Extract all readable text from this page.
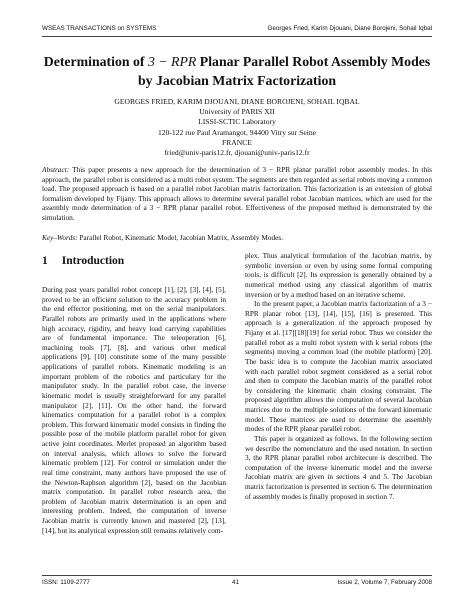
WSEAS TRANSACTIONS on SYSTEMS	Georges Fried, Karim Djouani, Diane Borojeni, Sohail Iqbal
Determination of 3 − RPR Planar Parallel Robot Assembly Modes
by Jacobian Matrix Factorization
GEORGES FRIED, KARIM DJOUANI, DIANE BOROJENI, SOHAIL IQBAL
University of PARIS XII
LISSI-SCTIC Laboratory
120-122 rue Paul Aramangot, 94400 Vitry sur Seine
FRANCE
fried@univ-paris12.fr, djouani@univ-paris12.fr
Abstract: This paper presents a new approach for the determination of 3 − RPR planar parallel robot assembly modes. In this approach, the parallel robot is considered as a multi robot system. The segments are then regarded as serial robots moving a common load. The proposed approach is based on a parallel robot Jacobian matrix factorization. This factorization is an extension of global formalism developed by Fijany. This approach allows to determine several parallel robot Jacobian matrices, which are used for the assembly mode determination of a 3 − RPR planar parallel robot. Effectiveness of the proposed method is demonstrated by the simulation.
Key–Words: Parallel Robot, Kinematic Model, Jacobian Matrix, Assembly Modes.
1 Introduction

During past years parallel robot concept [1], [2], [3], [4], [5], proved to be an efficient solution to the accuracy problem in the end effector positioning, met on the serial manipulators. Parallel robots are primarily used in the applications where high accuracy, rigidity, and heavy load carrying capabilities are of fundamental importance. The teleoperation [6], machining tools [7], [8], and various other medical applications [9], [10] constitute some of the many possible applications of parallel robots. Kinematic modeling is an important problem of the robotics and particulary for the manipulator study. In the parallel robot case, the inverse kinematic model is usually straightforward for any parallel manipulator [2], [11]. On the other hand, the forward kinematics computation for a parallel robot is a complex problem. This forward kinematic model consists in finding the possible pose of the mobile platform parallel robot for given active joint coordinates. Merlet proposed an algorithm based on interval analysis, which allows to solve the forward kinematic problem [12]. For control or simulation under the real time constraint, many authors have proposed the use of the Newton-Raphson algorithm [2], based on the Jacobian matrix computation. In parallel robot research area, the problem of Jacobian matrix determination is an open and interesting problem. Indeed, the computation of inverse Jacobian matrix is currently known and mastered [2], [13], [14], but its analytical expression still remains relatively com-

plex. Thus analytical formulation of the Jacobian matrix, by symbolic inversion or even by using some formal computing tools, is difficult [2]. Its expression is generally obtained by a numerical method using any classical algorithm of matrix inversion or by a method based on an iterative scheme.

In the present paper, a Jacobian matrix factorization of a 3 − RPR planar robot [13], [14], [15], [16] is presented. This approach is a generalization of the approach proposed by Fijany et al. [17][18][19] for serial robot. Thus we consider the parallel robot as a multi robot system with k serial robots (the segments) moving a common load (the mobile platform) [20]. The basic idea is to compute the Jacobian matrix associated with each parallel robot segment considered as a serial robot and then to compute the Jacobian matrix of the parallel robot by considering the kinematic chain closing constraint. The proposed algorithm allows the computation of several Jacobian matrices due to the multiple solutions of the forward kinematic model. These matrices are used to determine the assembly modes of the RPR planar parallel robot.

This paper is organized as follows. In the following section we describe the nomenclature and the used notation. In section 3, the RPR planar parallel robot architecure is described. The computation of the inverse kinematic model and the inverse Jacobian matrix are given in sections 4 and 5. The Jacobian matrix factorization is presented in section 6. The determination of assembly modes is finally proposed in section 7.

ISSN: 1109-2777	41	Issue 2, Volume 7, February 2008
